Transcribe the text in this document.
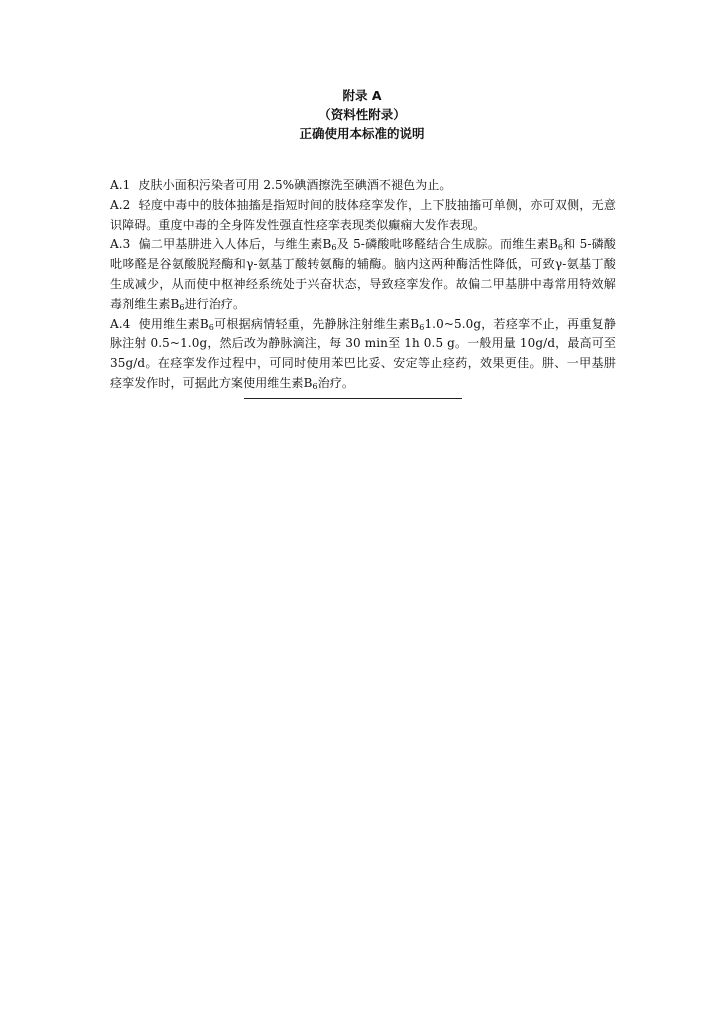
附录 A
（资料性附录）
正确使用本标准的说明

A.1 皮肤小面积污染者可用 2.5%碘酒擦洗至碘酒不褪色为止。

A.2 轻度中毒中的肢体抽搐是指短时间的肢体痉挛发作，上下肢抽搐可单侧，亦可双侧，无意识障碍。重度中毒的全身阵发性强直性痉挛表现类似癫痫大发作表现。

A.3 偏二甲基肼进入人体后，与维生素$B_6$及 5-磷酸吡哆醛结合生成腙。而维生素$B_6$和 5-磷酸吡哆醛是谷氨酸脱羟酶和γ-氨基丁酸转氨酶的辅酶。脑内这两种酶活性降低，可致γ-氨基丁酸生成减少，从而使中枢神经系统处于兴奋状态，导致痉挛发作。故偏二甲基肼中毒常用特效解毒剂维生素$B_6$进行治疗。

A.4 使用维生素$B_6$可根据病情轻重，先静脉注射维生素$B_61.0\sim 5.0g$，若痉挛不止，再重复静脉注射 0.5~1.0g，然后改为静脉滴注，每 30 min至 1h 0.5 g。一般用量 10g/d，最高可至 35g/d。在痉挛发作过程中，可同时使用苯巴比妥、安定等止痉药，效果更佳。肼、一甲基肼痉挛发作时，可据此方案使用维生素$B_6$治疗。
